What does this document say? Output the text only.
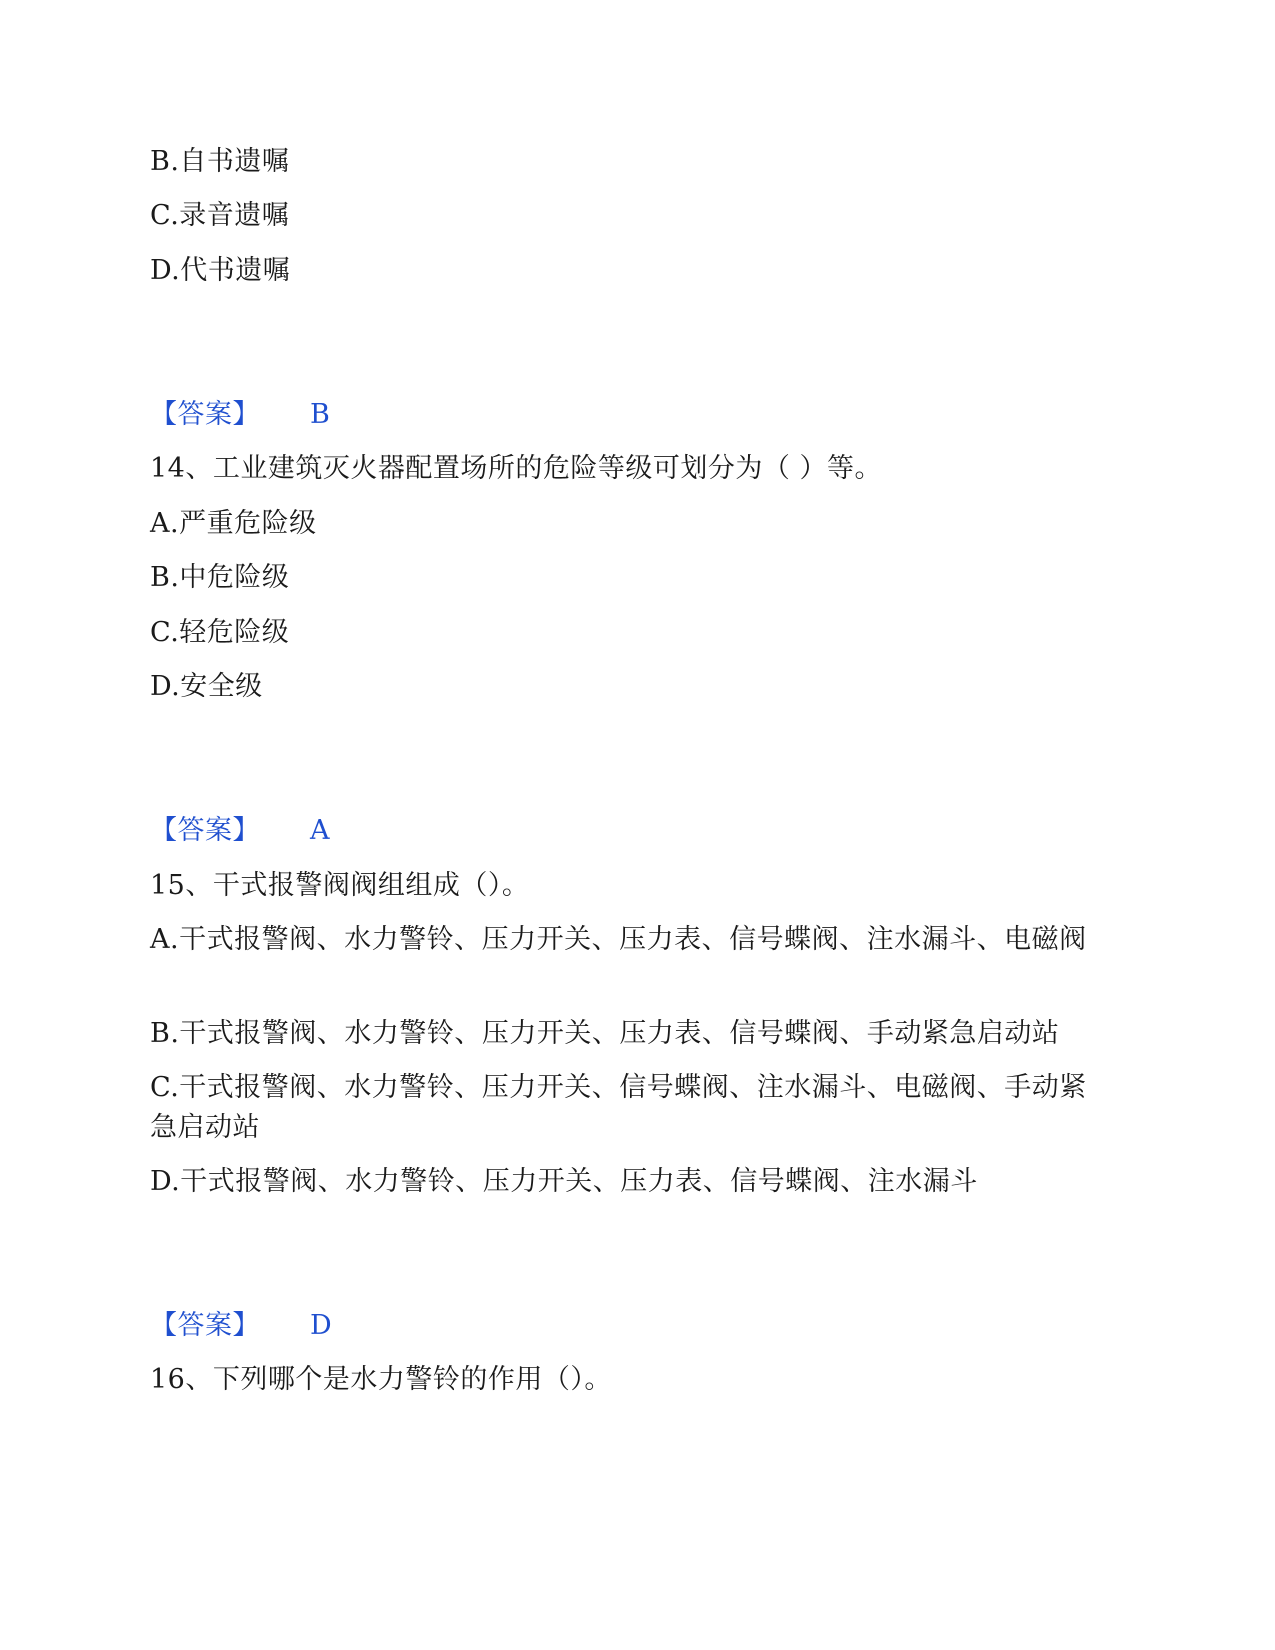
B.自书遗嘱
C.录音遗嘱
D.代书遗嘱
【答案】 B
14、工业建筑灭火器配置场所的危险等级可划分为（ ）等。
A.严重危险级
B.中危险级
C.轻危险级
D.安全级
【答案】 A
15、干式报警阀阀组组成（）。
A.干式报警阀、水力警铃、压力开关、压力表、信号蝶阀、注水漏斗、电磁阀
B.干式报警阀、水力警铃、压力开关、压力表、信号蝶阀、手动紧急启动站
C.干式报警阀、水力警铃、压力开关、信号蝶阀、注水漏斗、电磁阀、手动紧急启动站
D.干式报警阀、水力警铃、压力开关、压力表、信号蝶阀、注水漏斗
【答案】 D
16、下列哪个是水力警铃的作用（）。
